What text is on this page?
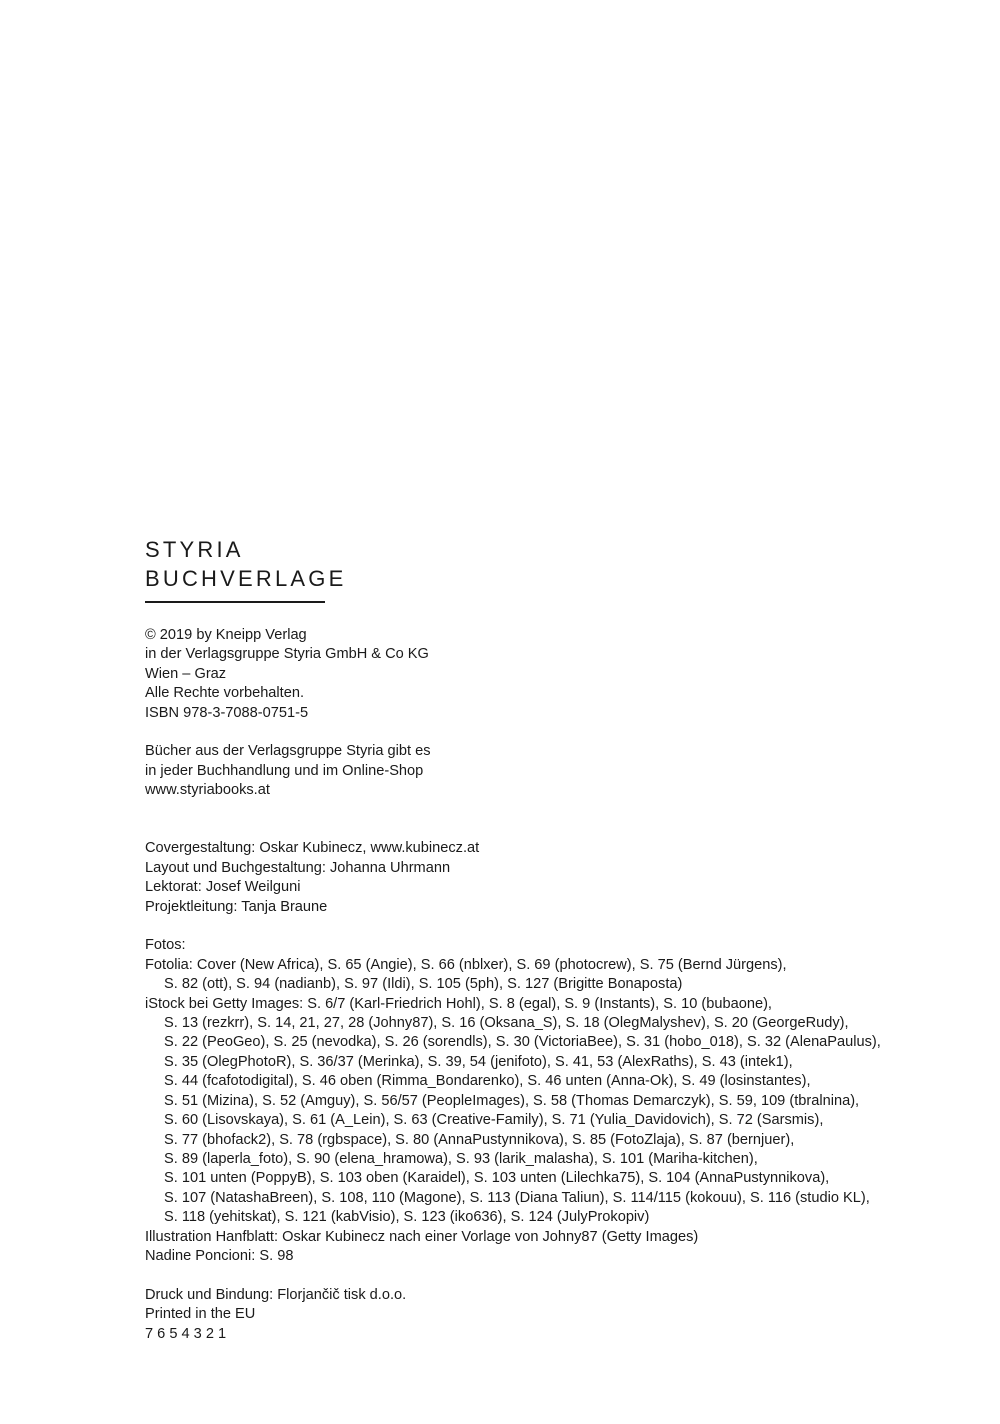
STYRIA
BUCHVERLAGE
© 2019 by Kneipp Verlag
in der Verlagsgruppe Styria GmbH & Co KG
Wien – Graz
Alle Rechte vorbehalten.
ISBN 978-3-7088-0751-5
Bücher aus der Verlagsgruppe Styria gibt es
in jeder Buchhandlung und im Online-Shop
www.styriabooks.at
Covergestaltung: Oskar Kubinecz, www.kubinecz.at
Layout und Buchgestaltung: Johanna Uhrmann
Lektorat: Josef Weilguni
Projektleitung: Tanja Braune
Fotos:
Fotolia: Cover (New Africa), S. 65 (Angie), S. 66 (nblxer), S. 69 (photocrew), S. 75 (Bernd Jürgens),
S. 82 (ott), S. 94 (nadianb), S. 97 (Ildi), S. 105 (5ph), S. 127 (Brigitte Bonaposta)
iStock bei Getty Images: S. 6/7 (Karl-Friedrich Hohl), S. 8 (egal), S. 9 (Instants), S. 10 (bubaone),
S. 13 (rezkrr), S. 14, 21, 27, 28 (Johny87), S. 16 (Oksana_S), S. 18 (OlegMalyshev), S. 20 (GeorgeRudy),
S. 22 (PeoGeo), S. 25 (nevodka), S. 26 (sorendls), S. 30 (VictoriaBee), S. 31 (hobo_018), S. 32 (AlenaPaulus),
S. 35 (OlegPhotoR), S. 36/37 (Merinka), S. 39, 54 (jenifoto), S. 41, 53 (AlexRaths), S. 43 (intek1),
S. 44 (fcafotodigital), S. 46 oben (Rimma_Bondarenko), S. 46 unten (Anna-Ok), S. 49 (losinstantes),
S. 51 (Mizina), S. 52 (Amguy), S. 56/57 (PeopleImages), S. 58 (Thomas Demarczyk), S. 59, 109 (tbralnina),
S. 60 (Lisovskaya), S. 61 (A_Lein), S. 63 (Creative-Family), S. 71 (Yulia_Davidovich), S. 72 (Sarsmis),
S. 77 (bhofack2), S. 78 (rgbspace), S. 80 (AnnaPustynnikova), S. 85 (FotoZlaja), S. 87 (bernjuer),
S. 89 (laperla_foto), S. 90 (elena_hramowa), S. 93 (larik_malasha), S. 101 (Mariha-kitchen),
S. 101 unten (PoppyB), S. 103 oben (Karaidel), S. 103 unten (Lilechka75), S. 104 (AnnaPustynnikova),
S. 107 (NatashaBreen), S. 108, 110 (Magone), S. 113 (Diana Taliun), S. 114/115 (kokouu), S. 116 (studio KL),
S. 118 (yehitskat), S. 121 (kabVisio), S. 123 (iko636), S. 124 (JulyProkopiv)
Illustration Hanfblatt: Oskar Kubinecz nach einer Vorlage von Johny87 (Getty Images)
Nadine Poncioni: S. 98
Druck und Bindung: Florjančič tisk d.o.o.
Printed in the EU
7 6 5 4 3 2 1
